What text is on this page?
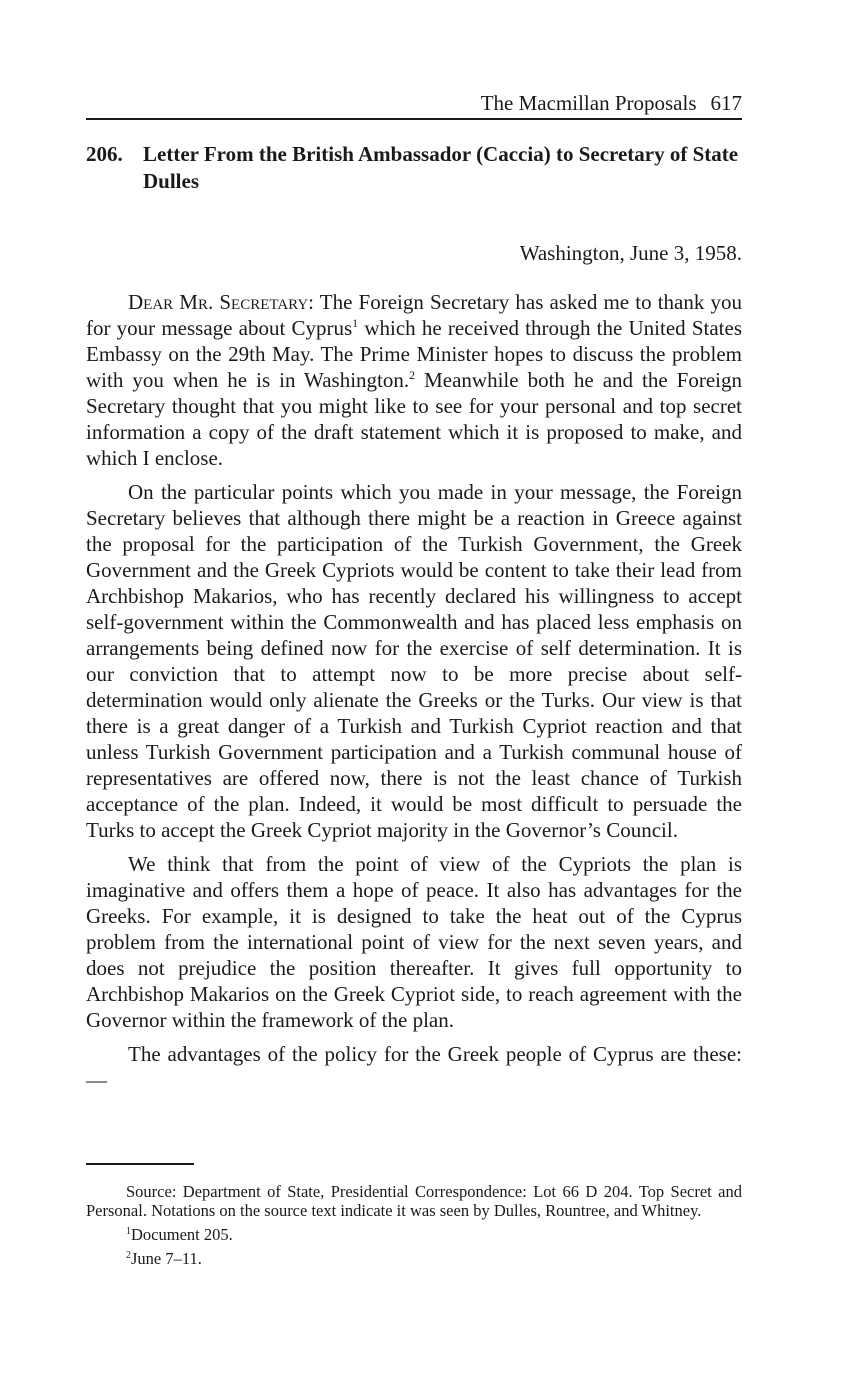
The Macmillan Proposals 617
206. Letter From the British Ambassador (Caccia) to Secretary of State Dulles
Washington, June 3, 1958.

Dear Mr. Secretary: The Foreign Secretary has asked me to thank you for your message about Cyprus$^1$ which he received through the United States Embassy on the 29th May. The Prime Minister hopes to discuss the problem with you when he is in Washington.$^2$ Meanwhile both he and the Foreign Secretary thought that you might like to see for your personal and top secret information a copy of the draft statement which it is proposed to make, and which I enclose.

On the particular points which you made in your message, the Foreign Secretary believes that although there might be a reaction in Greece against the proposal for the participation of the Turkish Government, the Greek Government and the Greek Cypriots would be content to take their lead from Archbishop Makarios, who has recently declared his willingness to accept self-government within the Commonwealth and has placed less emphasis on arrangements being defined now for the exercise of self determination. It is our conviction that to attempt now to be more precise about self-determination would only alienate the Greeks or the Turks. Our view is that there is a great danger of a Turkish and Turkish Cypriot reaction and that unless Turkish Government participation and a Turkish communal house of representatives are offered now, there is not the least chance of Turkish acceptance of the plan. Indeed, it would be most difficult to persuade the Turks to accept the Greek Cypriot majority in the Governor’s Council.

We think that from the point of view of the Cypriots the plan is imaginative and offers them a hope of peace. It also has advantages for the Greeks. For example, it is designed to take the heat out of the Cyprus problem from the international point of view for the next seven years, and does not prejudice the position thereafter. It gives full opportunity to Archbishop Makarios on the Greek Cypriot side, to reach agreement with the Governor within the framework of the plan.

The advantages of the policy for the Greek people of Cyprus are these:—

Source: Department of State, Presidential Correspondence: Lot 66 D 204. Top Secret and Personal. Notations on the source text indicate it was seen by Dulles, Rountree, and Whitney.

$^1$Document 205.

$^2$June 7–11.
